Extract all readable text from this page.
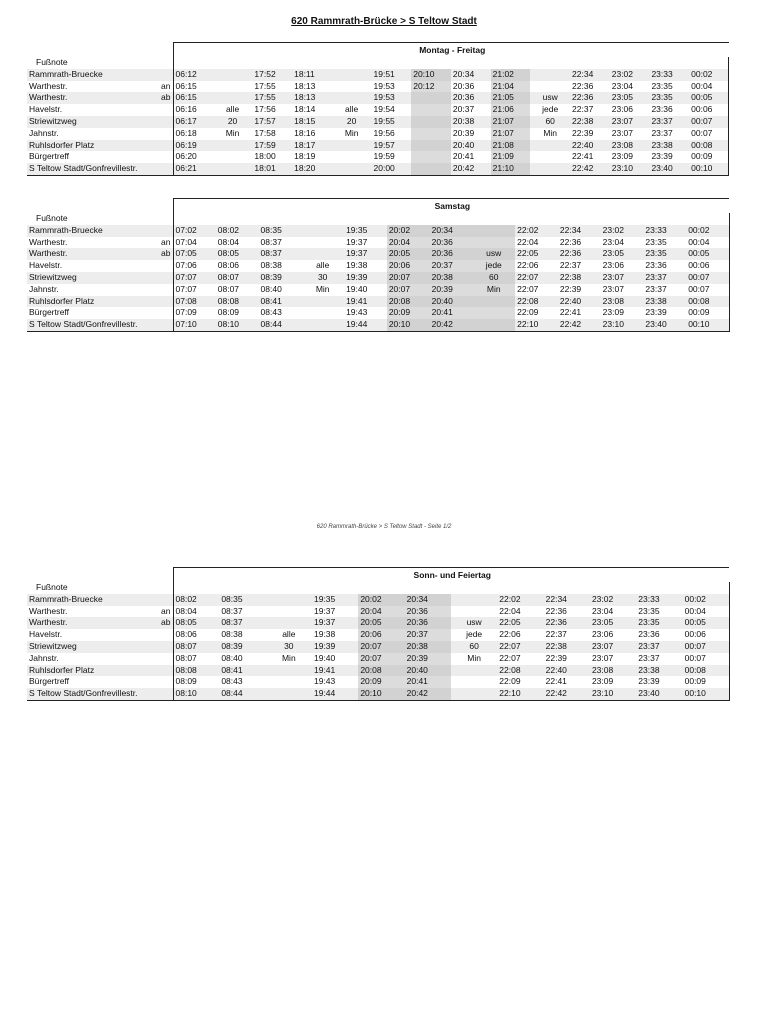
620 Rammrath-Brücke > S Teltow Stadt
	Montag - Freitag													
Fußnote														
Rammrath-Bruecke	06:12		17:52	18:11		19:51	20:10	20:34	21:02		22:34	23:02	23:33	00:02
Warthestr. an	06:15		17:55	18:13		19:53	20:12	20:36	21:04		22:36	23:04	23:35	00:04
Warthestr. ab	06:15		17:55	18:13		19:53		20:36	21:05	usw	22:36	23:05	23:35	00:05
Havelstr.	06:16	alle	17:56	18:14	alle	19:54		20:37	21:06	jede	22:37	23:06	23:36	00:06
Striewitzweg	06:17	20	17:57	18:15	20	19:55		20:38	21:07	60	22:38	23:07	23:37	00:07
Jahnstr.	06:18	Min	17:58	18:16	Min	19:56		20:39	21:07	Min	22:39	23:07	23:37	00:07
Ruhlsdorfer Platz	06:19		17:59	18:17		19:57		20:40	21:08		22:40	23:08	23:38	00:08
Bürgertreff	06:20		18:00	18:19		19:59		20:41	21:09		22:41	23:09	23:39	00:09
S Teltow Stadt/Gonfrevillestr.	06:21		18:01	18:20		20:00		20:42	21:10		22:42	23:10	23:40	00:10
	Samstag												
Fußnote													
Rammrath-Bruecke	07:02	08:02	08:35		19:35	20:02	20:34		22:02	22:34	23:02	23:33	00:02
Warthestr. an	07:04	08:04	08:37		19:37	20:04	20:36		22:04	22:36	23:04	23:35	00:04
Warthestr. ab	07:05	08:05	08:37		19:37	20:05	20:36	usw	22:05	22:36	23:05	23:35	00:05
Havelstr.	07:06	08:06	08:38	alle	19:38	20:06	20:37	jede	22:06	22:37	23:06	23:36	00:06
Striewitzweg	07:07	08:07	08:39	30	19:39	20:07	20:38	60	22:07	22:38	23:07	23:37	00:07
Jahnstr.	07:07	08:07	08:40	Min	19:40	20:07	20:39	Min	22:07	22:39	23:07	23:37	00:07
Ruhlsdorfer Platz	07:08	08:08	08:41		19:41	20:08	20:40		22:08	22:40	23:08	23:38	00:08
Bürgertreff	07:09	08:09	08:43		19:43	20:09	20:41		22:09	22:41	23:09	23:39	00:09
S Teltow Stadt/Gonfrevillestr.	07:10	08:10	08:44		19:44	20:10	20:42		22:10	22:42	23:10	23:40	00:10
620 Rammrath-Brücke > S Teltow Stadt - Seite 1/2
	Sonn- und Feiertag											
Fußnote												
Rammrath-Bruecke	08:02	08:35		19:35	20:02	20:34		22:02	22:34	23:02	23:33	00:02
Warthestr. an	08:04	08:37		19:37	20:04	20:36		22:04	22:36	23:04	23:35	00:04
Warthestr. ab	08:05	08:37		19:37	20:05	20:36	usw	22:05	22:36	23:05	23:35	00:05
Havelstr.	08:06	08:38	alle	19:38	20:06	20:37	jede	22:06	22:37	23:06	23:36	00:06
Striewitzweg	08:07	08:39	30	19:39	20:07	20:38	60	22:07	22:38	23:07	23:37	00:07
Jahnstr.	08:07	08:40	Min	19:40	20:07	20:39	Min	22:07	22:39	23:07	23:37	00:07
Ruhlsdorfer Platz	08:08	08:41		19:41	20:08	20:40		22:08	22:40	23:08	23:38	00:08
Bürgertreff	08:09	08:43		19:43	20:09	20:41		22:09	22:41	23:09	23:39	00:09
S Teltow Stadt/Gonfrevillestr.	08:10	08:44		19:44	20:10	20:42		22:10	22:42	23:10	23:40	00:10
